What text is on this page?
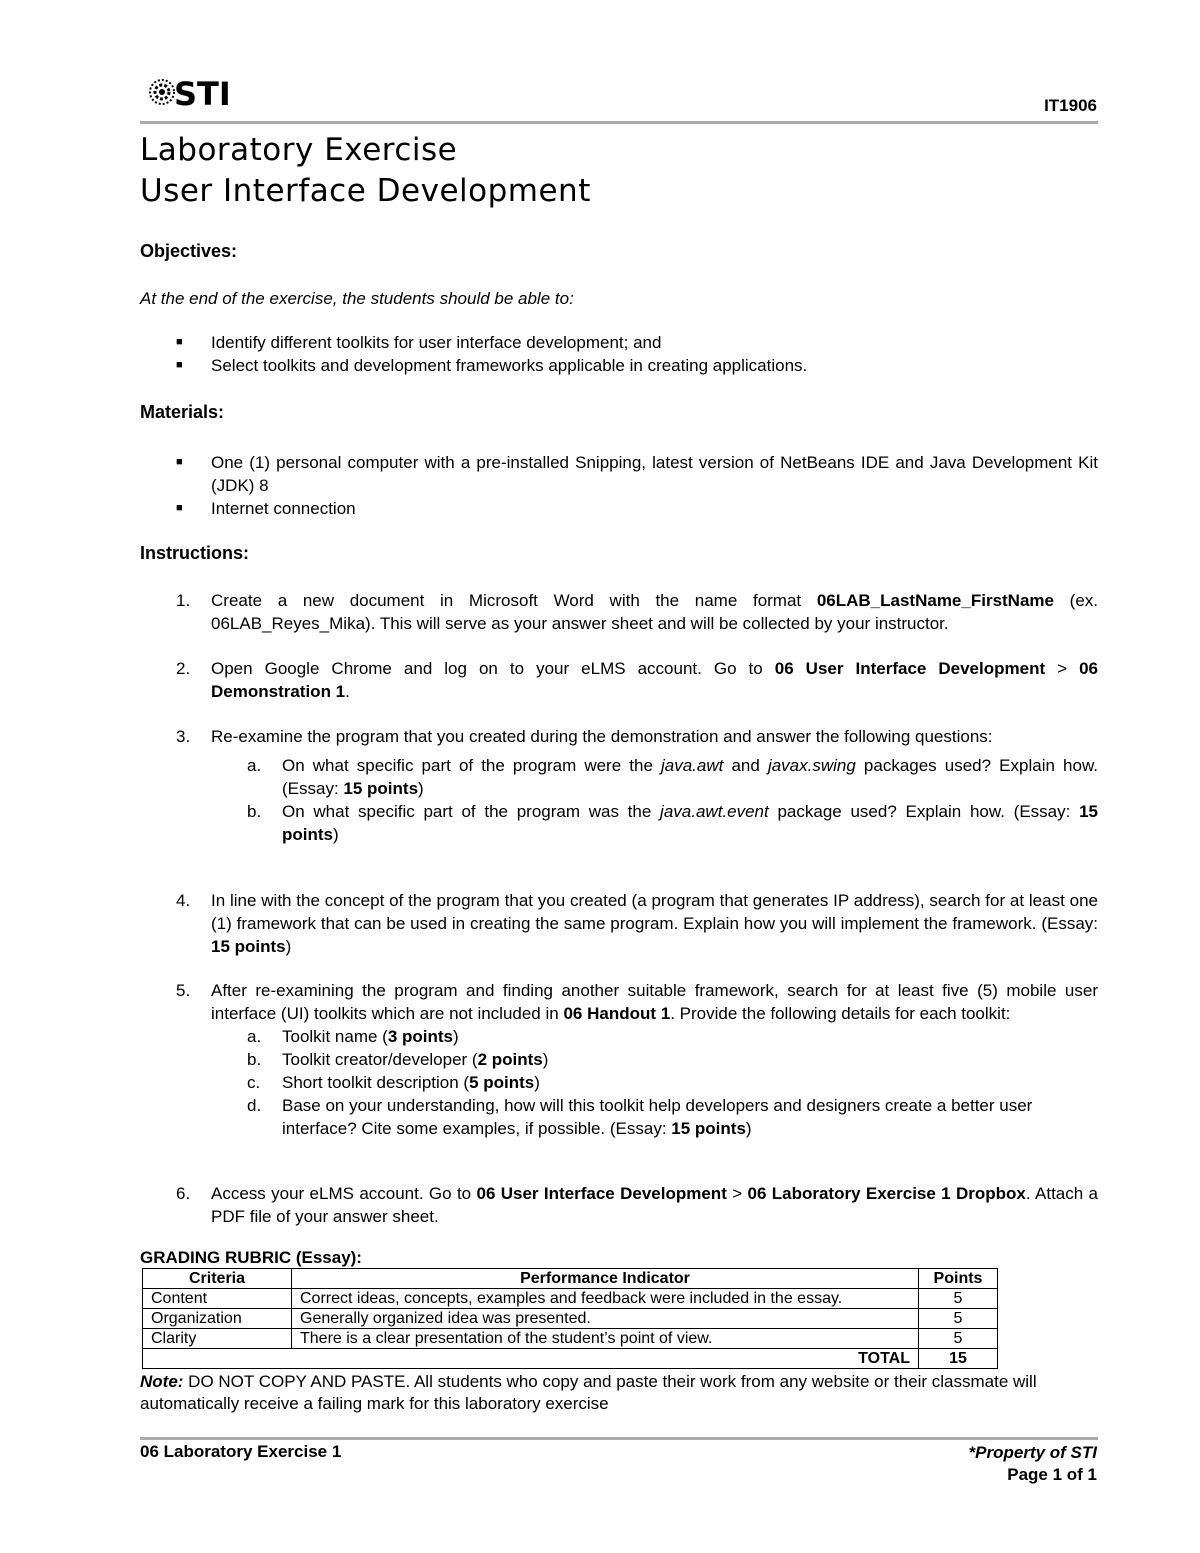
STI	IT1906
Laboratory Exercise
User Interface Development
Objectives:
At the end of the exercise, the students should be able to:
■ Identify different toolkits for user interface development; and
■ Select toolkits and development frameworks applicable in creating applications.
Materials:
■ One (1) personal computer with a pre-installed Snipping, latest version of NetBeans IDE and Java Development Kit (JDK) 8
■ Internet connection
Instructions:
1. Create a new document in Microsoft Word with the name format 06LAB_LastName_FirstName (ex. 06LAB_Reyes_Mika). This will serve as your answer sheet and will be collected by your instructor.
2. Open Google Chrome and log on to your eLMS account. Go to 06 User Interface Development > 06 Demonstration 1.
3. Re-examine the program that you created during the demonstration and answer the following questions:
a. On what specific part of the program were the java.awt and javax.swing packages used? Explain how. (Essay: 15 points)
b. On what specific part of the program was the java.awt.event package used? Explain how. (Essay: 15 points)
4. In line with the concept of the program that you created (a program that generates IP address), search for at least one (1) framework that can be used in creating the same program. Explain how you will implement the framework. (Essay: 15 points)
5. After re-examining the program and finding another suitable framework, search for at least five (5) mobile user interface (UI) toolkits which are not included in 06 Handout 1. Provide the following details for each toolkit:
a. Toolkit name (3 points)
b. Toolkit creator/developer (2 points)
c. Short toolkit description (5 points)
d. Base on your understanding, how will this toolkit help developers and designers create a better user interface? Cite some examples, if possible. (Essay: 15 points)
6. Access your eLMS account. Go to 06 User Interface Development > 06 Laboratory Exercise 1 Dropbox. Attach a PDF file of your answer sheet.
GRADING RUBRIC (Essay):
Criteria	Performance Indicator	Points
Content	Correct ideas, concepts, examples and feedback were included in the essay.	5
Organization	Generally organized idea was presented.	5
Clarity	There is a clear presentation of the student’s point of view.	5
TOTAL		15
Note: DO NOT COPY AND PASTE. All students who copy and paste their work from any website or their classmate will automatically receive a failing mark for this laboratory exercise
06 Laboratory Exercise 1	*Property of STI
Page 1 of 1
